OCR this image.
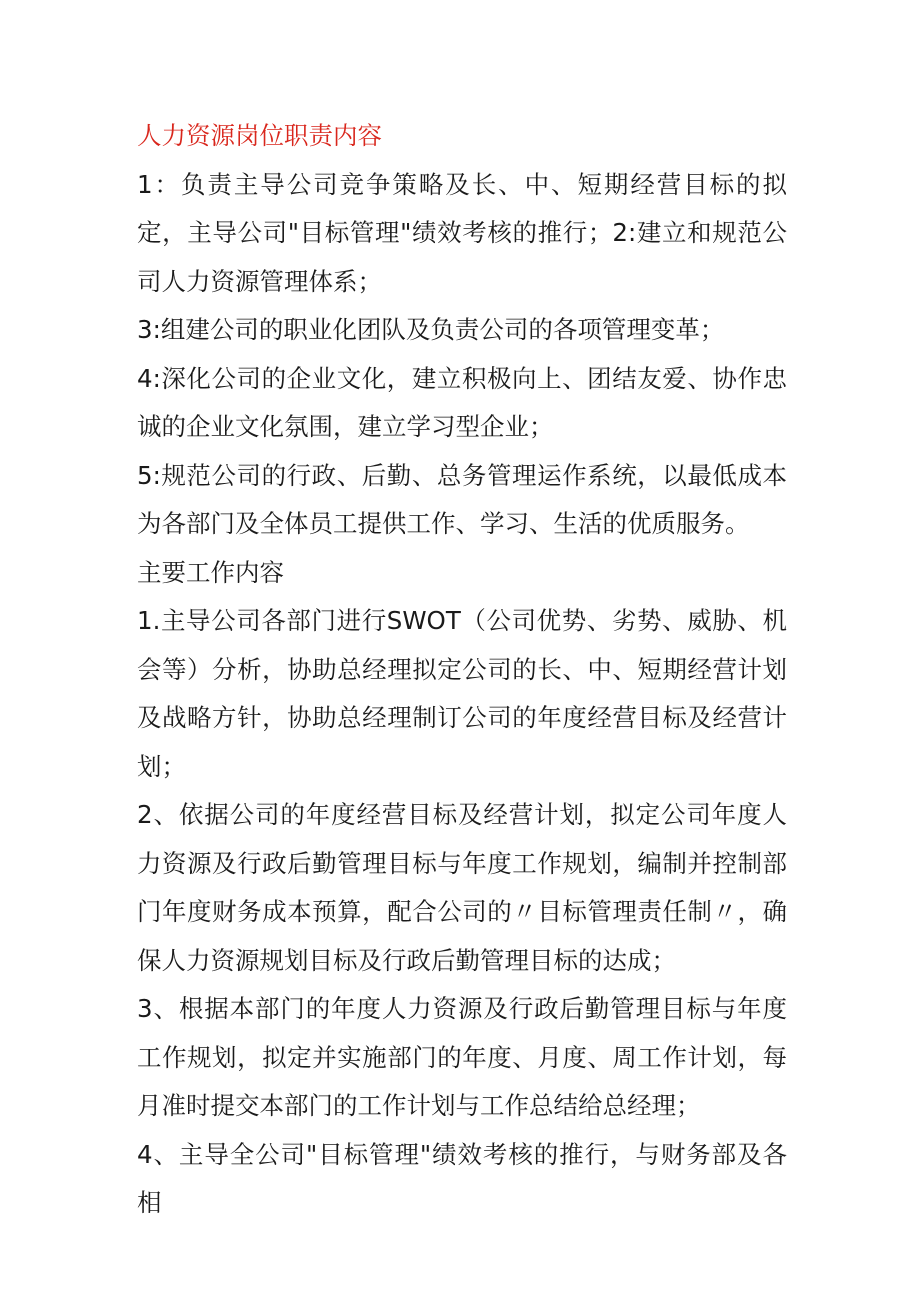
人力资源岗位职责内容

1：负责主导公司竞争策略及长、中、短期经营目标的拟定，主导公司"目标管理"绩效考核的推行；2:建立和规范公司人力资源管理体系；

3:组建公司的职业化团队及负责公司的各项管理变革；

4:深化公司的企业文化，建立积极向上、团结友爱、协作忠诚的企业文化氛围，建立学习型企业；

5:规范公司的行政、后勤、总务管理运作系统，以最低成本为各部门及全体员工提供工作、学习、生活的优质服务。

主要工作内容

1.主导公司各部门进行SWOT（公司优势、劣势、威胁、机会等）分析，协助总经理拟定公司的长、中、短期经营计划及战略方针，协助总经理制订公司的年度经营目标及经营计划；

2、依据公司的年度经营目标及经营计划，拟定公司年度人力资源及行政后勤管理目标与年度工作规划，编制并控制部门年度财务成本预算，配合公司的〃目标管理责任制〃，确保人力资源规划目标及行政后勤管理目标的达成；

3、根据本部门的年度人力资源及行政后勤管理目标与年度工作规划，拟定并实施部门的年度、月度、周工作计划，每月准时提交本部门的工作计划与工作总结给总经理；

4、主导全公司"目标管理"绩效考核的推行，与财务部及各相
